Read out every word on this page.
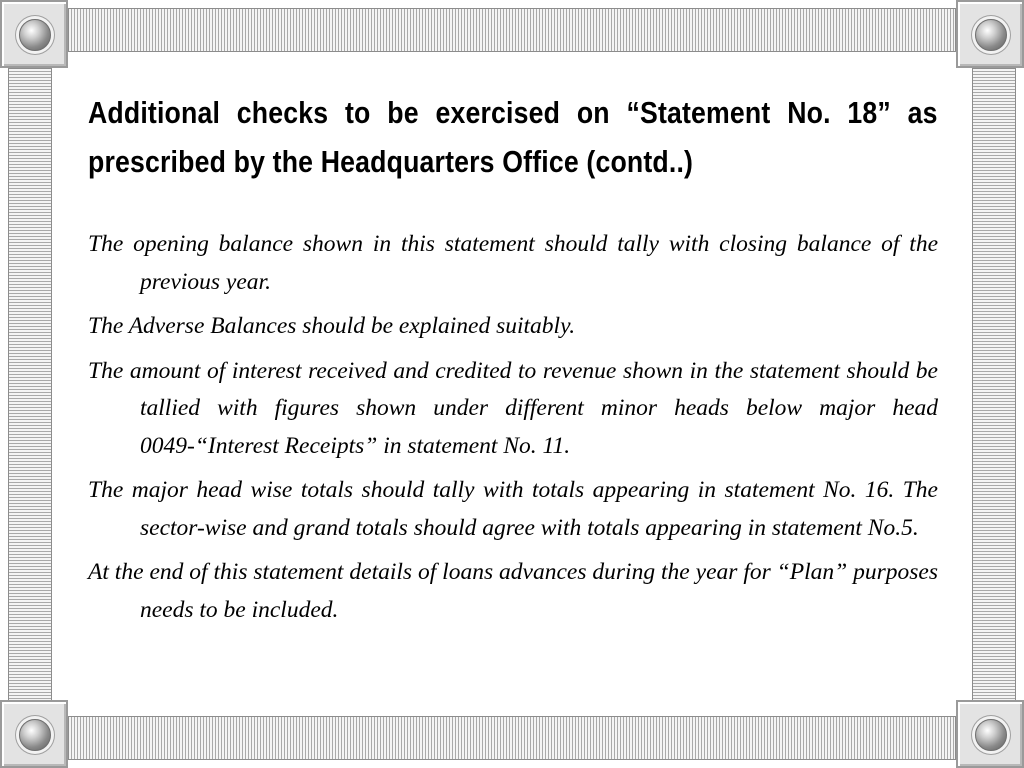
Additional checks to be exercised on “Statement No. 18” as prescribed by the Headquarters Office (contd..)
The opening balance shown in this statement should tally with closing balance of the previous year.
The Adverse Balances should be explained suitably.
The amount of interest received and credited to revenue shown in the statement should be tallied with figures shown under different minor heads below major head 0049-“Interest Receipts” in statement No. 11.
The major head wise totals should tally with totals appearing in statement No. 16. The sector-wise and grand totals should agree with totals appearing in statement No.5.
At the end of this statement details of loans advances during the year for “Plan” purposes needs to be included.
